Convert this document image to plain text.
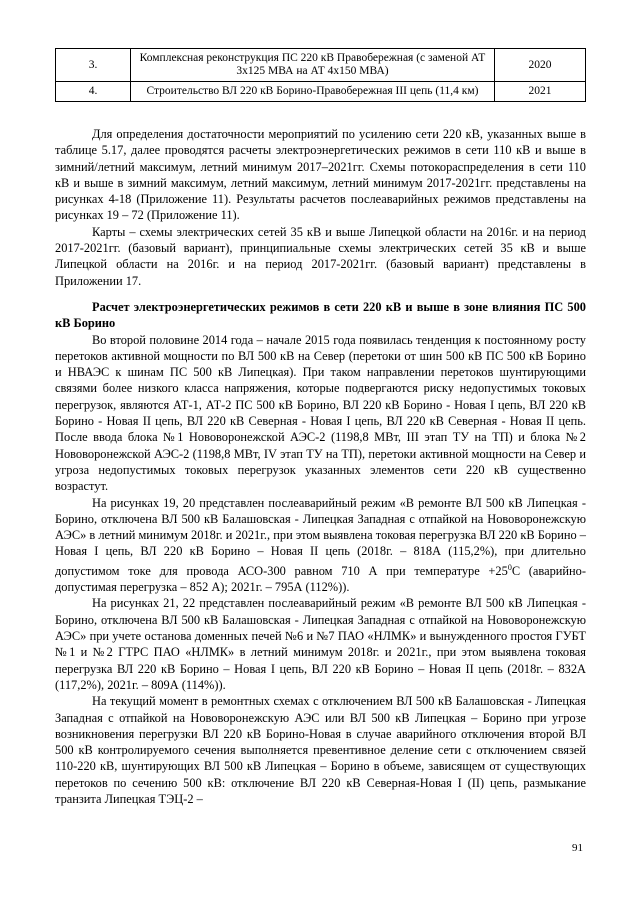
3.	Комплексная реконструкция ПС 220 кВ Правобережная (с заменой АТ 3х125 МВА на АТ 4х150 МВА)	2020
4.	Строительство ВЛ 220 кВ Борино-Правобережная III цепь (11,4 км)	2021

Для определения достаточности мероприятий по усилению сети 220 кВ, указанных выше в таблице 5.17, далее проводятся расчеты электроэнергетических режимов в сети 110 кВ и выше в зимний/летний максимум, летний минимум 2017–2021гг. Схемы потокораспределения в сети 110 кВ и выше в зимний максимум, летний максимум, летний минимум 2017-2021гг. представлены на рисунках 4-18 (Приложение 11). Результаты расчетов послеаварийных режимов представлены на рисунках 19 – 72 (Приложение 11).

Карты – схемы электрических сетей 35 кВ и выше Липецкой области на 2016г. и на период 2017-2021гг. (базовый вариант), принципиальные схемы электрических сетей 35 кВ и выше Липецкой области на 2016г. и на период 2017-2021гг. (базовый вариант) представлены в Приложении 17.

Расчет электроэнергетических режимов в сети 220 кВ и выше в зоне влияния ПС 500 кВ Борино

Во второй половине 2014 года – начале 2015 года появилась тенденция к постоянному росту перетоков активной мощности по ВЛ 500 кВ на Север (перетоки от шин 500 кВ ПС 500 кВ Борино и НВАЭС к шинам ПС 500 кВ Липецкая). При таком направлении перетоков шунтирующими связями более низкого класса напряжения, которые подвергаются риску недопустимых токовых перегрузок, являются АТ-1, АТ-2 ПС 500 кВ Борино, ВЛ 220 кВ Борино - Новая I цепь, ВЛ 220 кВ Борино - Новая II цепь, ВЛ 220 кВ Северная - Новая I цепь, ВЛ 220 кВ Северная - Новая II цепь. После ввода блока №1 Нововоронежской АЭС-2 (1198,8 МВт, III этап ТУ на ТП) и блока №2 Нововоронежской АЭС-2 (1198,8 МВт, IV этап ТУ на ТП), перетоки активной мощности на Север и угроза недопустимых токовых перегрузок указанных элементов сети 220 кВ существенно возрастут.

На рисунках 19, 20 представлен послеаварийный режим «В ремонте ВЛ 500 кВ Липецкая - Борино, отключена ВЛ 500 кВ Балашовская - Липецкая Западная с отпайкой на Нововоронежскую АЭС» в летний минимум 2018г. и 2021г., при этом выявлена токовая перегрузка ВЛ 220 кВ Борино – Новая I цепь, ВЛ 220 кВ Борино – Новая II цепь (2018г. – 818А (115,2%), при длительно допустимом токе для провода АСО-300 равном 710 А при температуре $+25^0С$ (аварийно-допустимая перегрузка – 852 А); 2021г. – 795А (112%)).

На рисунках 21, 22 представлен послеаварийный режим «В ремонте ВЛ 500 кВ Липецкая - Борино, отключена ВЛ 500 кВ Балашовская - Липецкая Западная с отпайкой на Нововоронежскую АЭС» при учете останова доменных печей №6 и №7 ПАО «НЛМК» и вынужденного простоя ГУБТ №1 и №2 ГТРС ПАО «НЛМК» в летний минимум 2018г. и 2021г., при этом выявлена токовая перегрузка ВЛ 220 кВ Борино – Новая I цепь, ВЛ 220 кВ Борино – Новая II цепь (2018г. – 832А (117,2%), 2021г. – 809А (114%)).

На текущий момент в ремонтных схемах с отключением ВЛ 500 кВ Балашовская - Липецкая Западная с отпайкой на Нововоронежскую АЭС или ВЛ 500 кВ Липецкая – Борино при угрозе возникновения перегрузки ВЛ 220 кВ Борино-Новая в случае аварийного отключения второй ВЛ 500 кВ контролируемого сечения выполняется превентивное деление сети с отключением связей 110-220 кВ, шунтирующих ВЛ 500 кВ Липецкая – Борино в объеме, зависящем от существующих перетоков по сечению 500 кВ: отключение ВЛ 220 кВ Северная-Новая I (II) цепь, размыкание транзита Липецкая ТЭЦ-2 –

91
